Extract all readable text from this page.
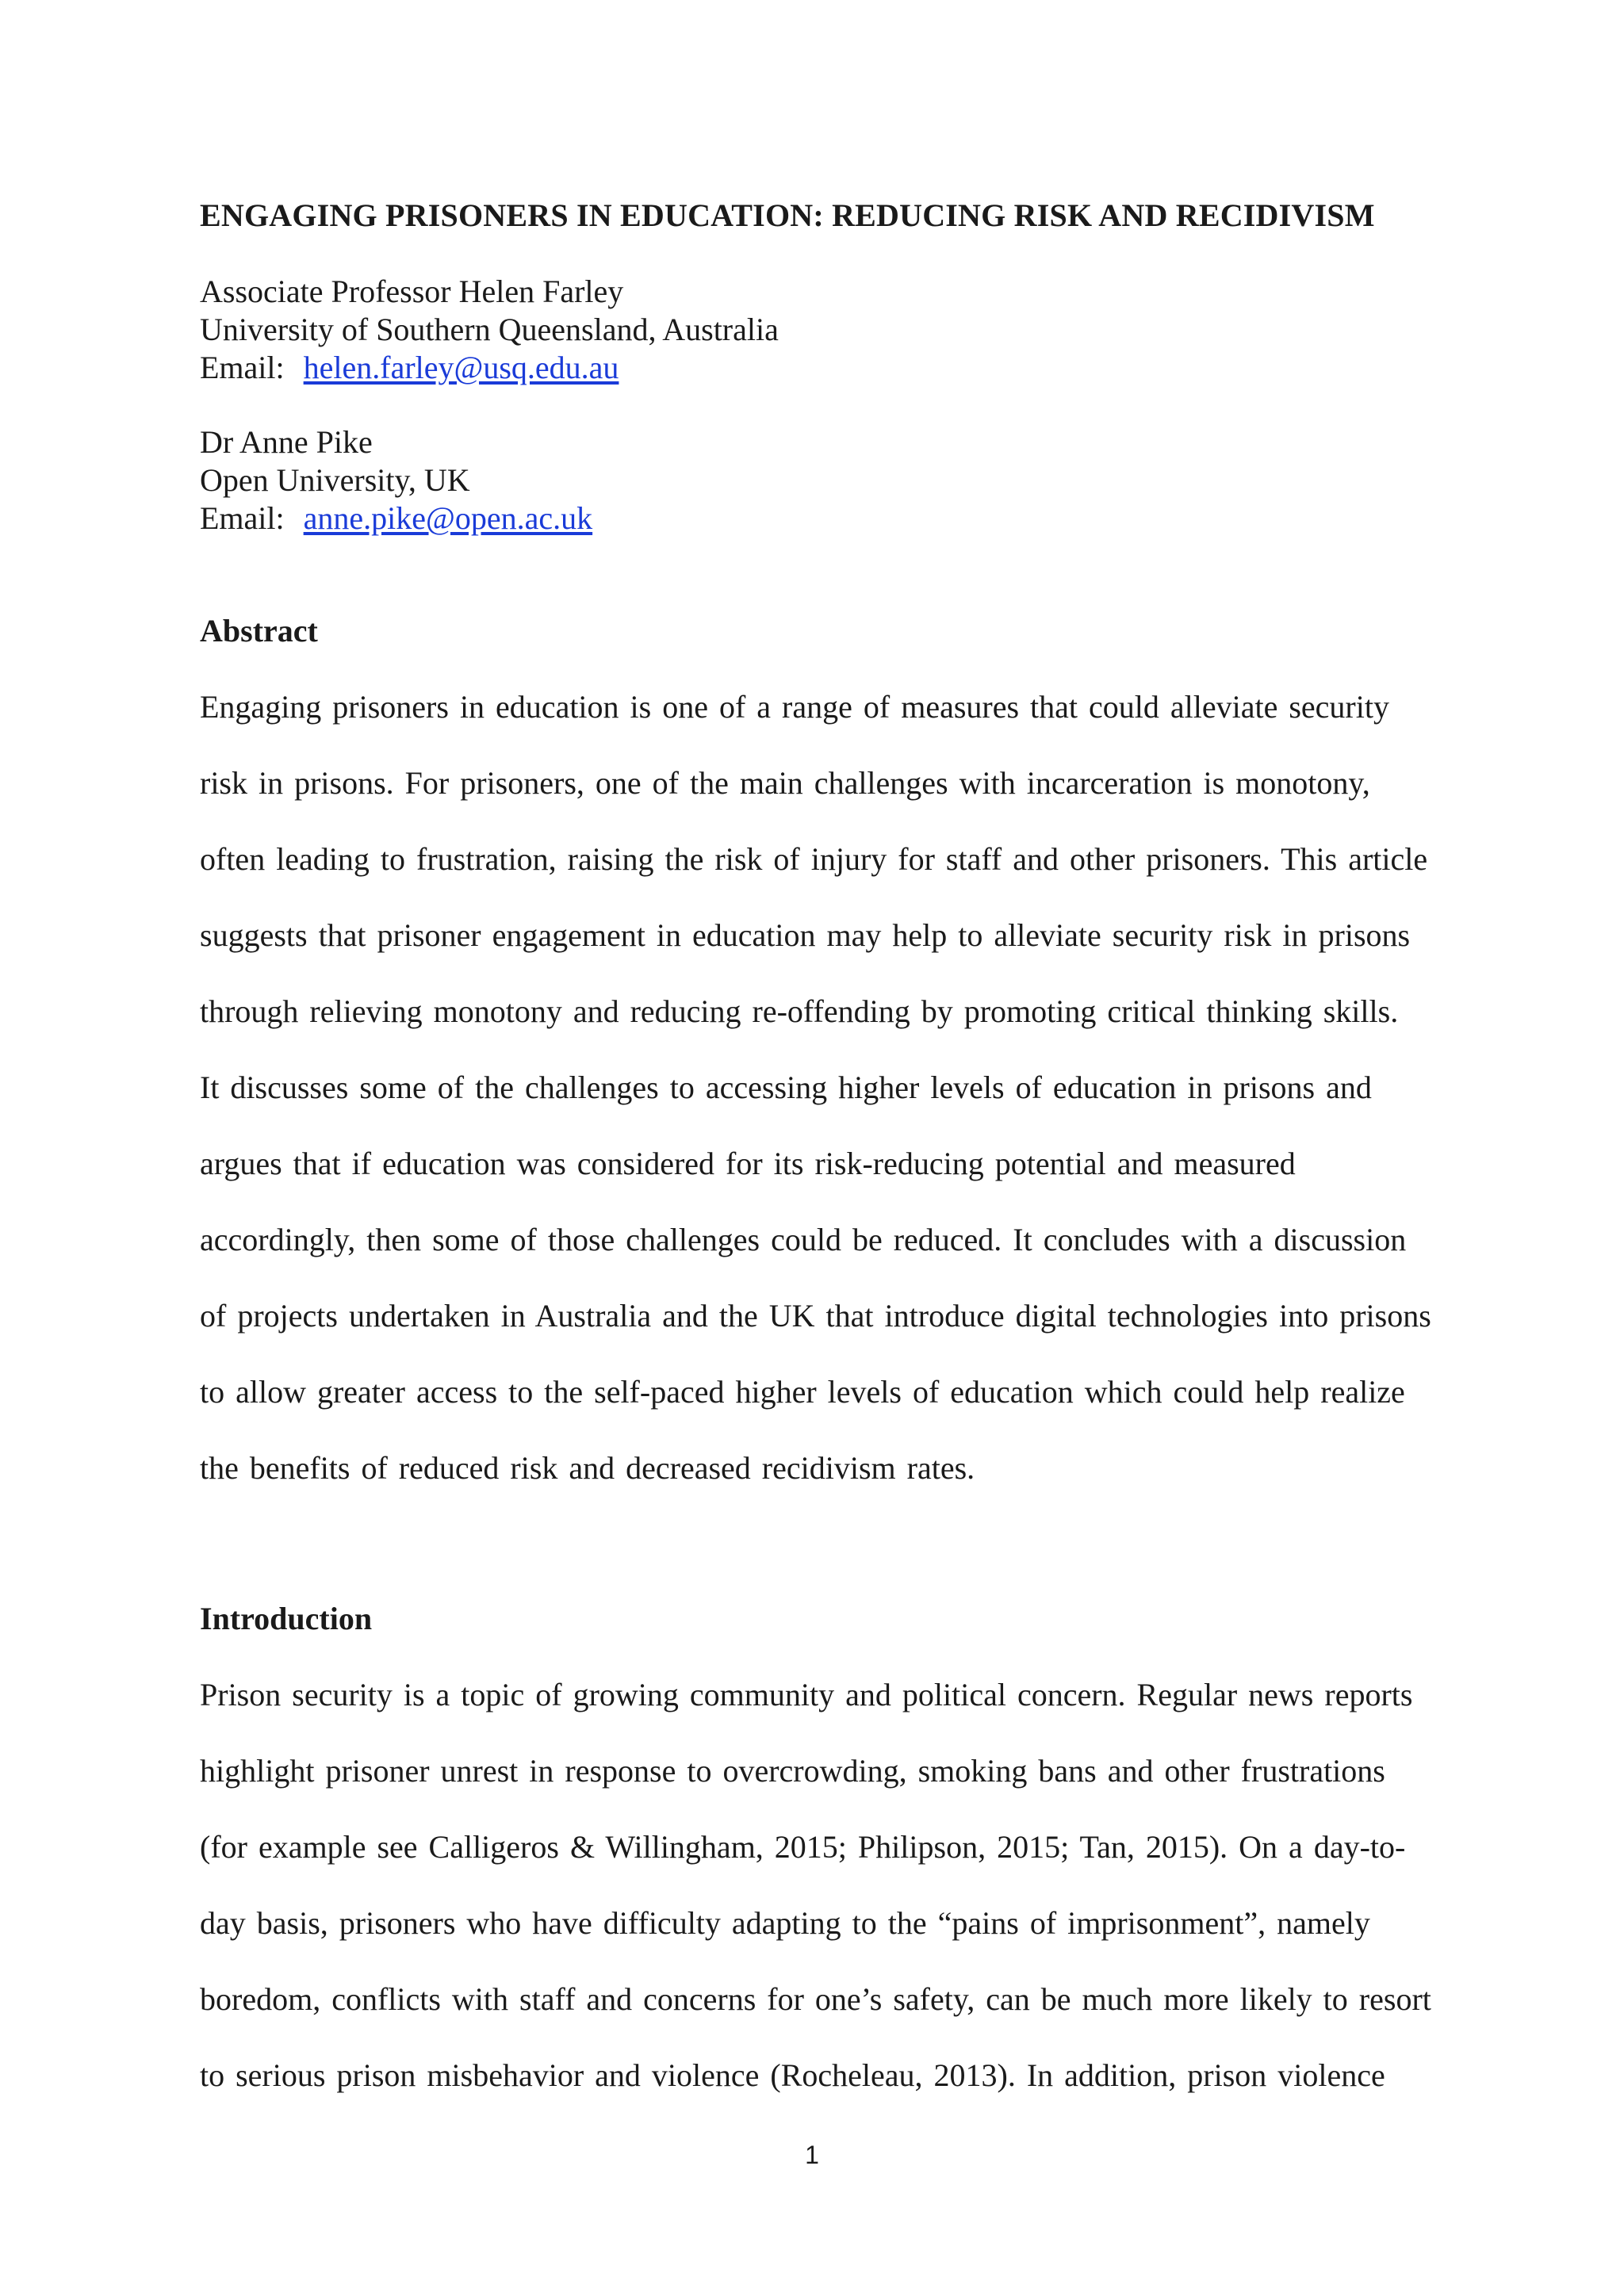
ENGAGING PRISONERS IN EDUCATION: REDUCING RISK AND RECIDIVISM
Associate Professor Helen Farley
University of Southern Queensland, Australia
Email: helen.farley@usq.edu.au
Dr Anne Pike
Open University, UK
Email: anne.pike@open.ac.uk
Abstract
Engaging prisoners in education is one of a range of measures that could alleviate security
risk in prisons. For prisoners, one of the main challenges with incarceration is monotony,
often leading to frustration, raising the risk of injury for staff and other prisoners. This article
suggests that prisoner engagement in education may help to alleviate security risk in prisons
through relieving monotony and reducing re-offending by promoting critical thinking skills.
It discusses some of the challenges to accessing higher levels of education in prisons and
argues that if education was considered for its risk-reducing potential and measured
accordingly, then some of those challenges could be reduced. It concludes with a discussion
of projects undertaken in Australia and the UK that introduce digital technologies into prisons
to allow greater access to the self-paced higher levels of education which could help realize
the benefits of reduced risk and decreased recidivism rates.
Introduction
Prison security is a topic of growing community and political concern. Regular news reports
highlight prisoner unrest in response to overcrowding, smoking bans and other frustrations
(for example see Calligeros & Willingham, 2015; Philipson, 2015; Tan, 2015). On a day-to-
day basis, prisoners who have difficulty adapting to the “pains of imprisonment”, namely
boredom, conflicts with staff and concerns for one’s safety, can be much more likely to resort
to serious prison misbehavior and violence (Rocheleau, 2013). In addition, prison violence
1
